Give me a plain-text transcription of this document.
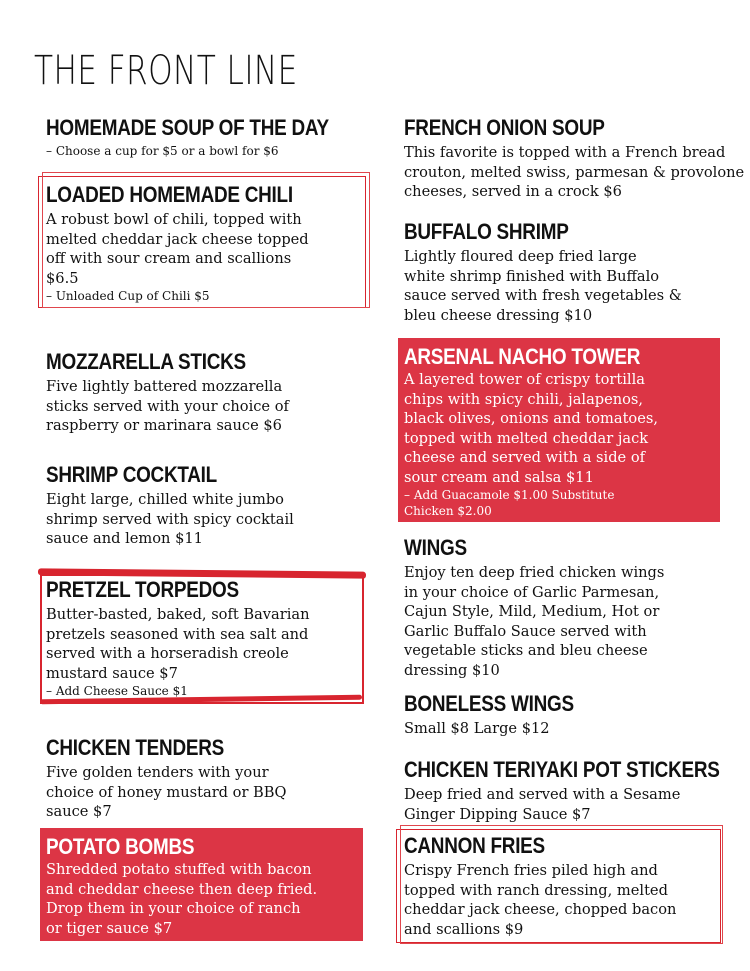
THE FRONT LINE
HOMEMADE SOUP OF THE DAY
– Choose a cup for $5 or a bowl for $6
LOADED HOMEMADE CHILI
A robust bowl of chili, topped with
melted cheddar jack cheese topped
off with sour cream and scallions
$6.5
– Unloaded Cup of Chili $5
MOZZARELLA STICKS
Five lightly battered mozzarella
sticks served with your choice of
raspberry or marinara sauce $6
SHRIMP COCKTAIL
Eight large, chilled white jumbo
shrimp served with spicy cocktail
sauce and lemon $11
PRETZEL TORPEDOS
Butter-basted, baked, soft Bavarian
pretzels seasoned with sea salt and
served with a horseradish creole
mustard sauce $7
– Add Cheese Sauce $1
CHICKEN TENDERS
Five golden tenders with your
choice of honey mustard or BBQ
sauce $7
POTATO BOMBS
Shredded potato stuffed with bacon
and cheddar cheese then deep fried.
Drop them in your choice of ranch
or tiger sauce $7
FRENCH ONION SOUP
This favorite is topped with a French bread
crouton, melted swiss, parmesan & provolone
cheeses, served in a crock $6
BUFFALO SHRIMP
Lightly floured deep fried large
white shrimp finished with Buffalo
sauce served with fresh vegetables &
bleu cheese dressing $10
ARSENAL NACHO TOWER
A layered tower of crispy tortilla
chips with spicy chili, jalapenos,
black olives, onions and tomatoes,
topped with melted cheddar jack
cheese and served with a side of
sour cream and salsa $11
– Add Guacamole $1.00 Substitute
Chicken $2.00
WINGS
Enjoy ten deep fried chicken wings
in your choice of Garlic Parmesan,
Cajun Style, Mild, Medium, Hot or
Garlic Buffalo Sauce served with
vegetable sticks and bleu cheese
dressing $10
BONELESS WINGS
Small $8 Large $12
CHICKEN TERIYAKI POT STICKERS
Deep fried and served with a Sesame
Ginger Dipping Sauce $7
CANNON FRIES
Crispy French fries piled high and
topped with ranch dressing, melted
cheddar jack cheese, chopped bacon
and scallions $9
